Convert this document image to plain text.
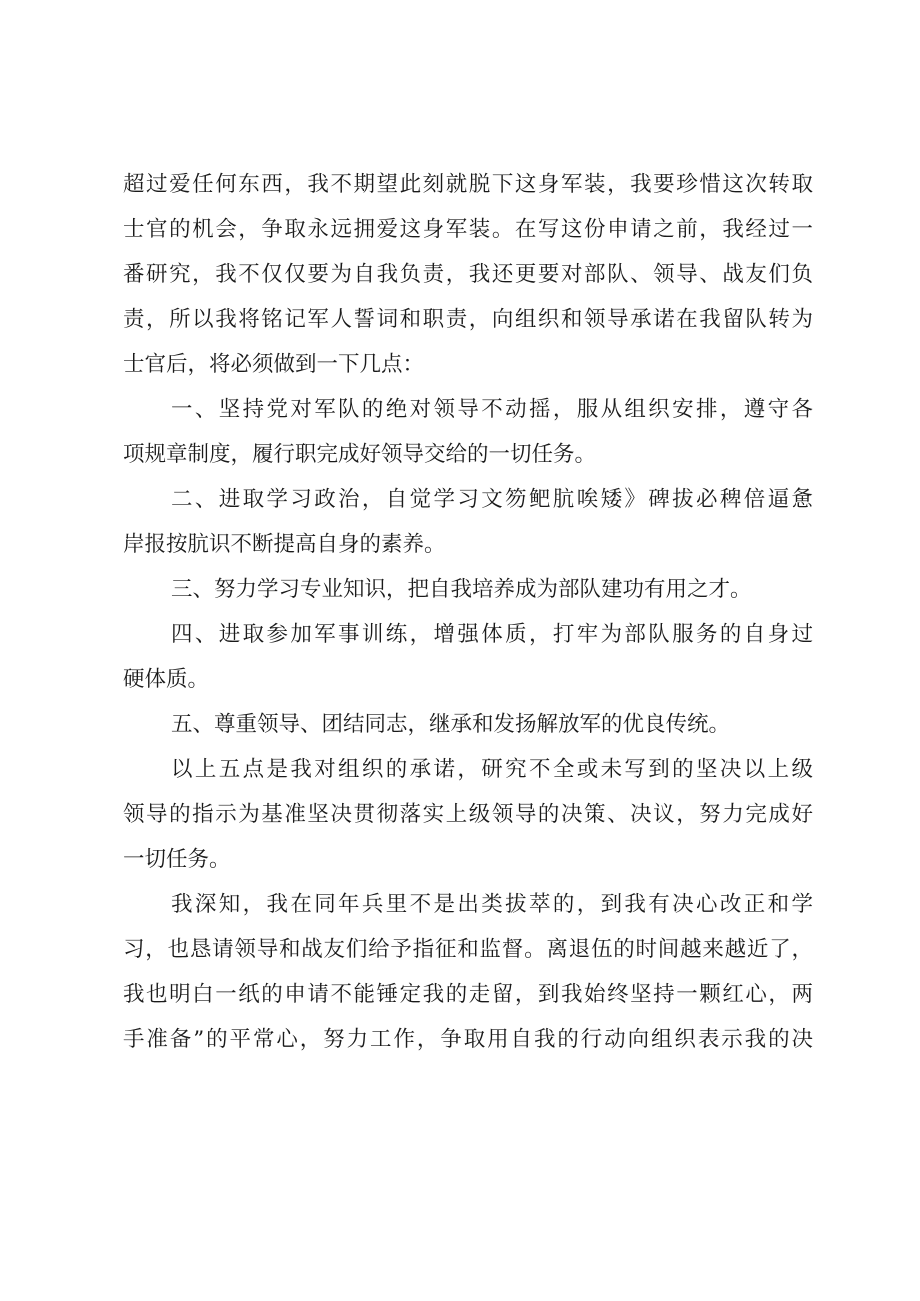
超过爱任何东西，我不期望此刻就脱下这身军装，我要珍惜这次转取
士官的机会，争取永远拥爱这身军装。在写这份申请之前，我经过一
番研究，我不仅仅要为自我负责，我还更要对部队、领导、战友们负
责，所以我将铭记军人誓词和职责，向组织和领导承诺在我留队转为
士官后，将必须做到一下几点：
一、坚持党对军队的绝对领导不动摇，服从组织安排，遵守各
项规章制度，履行职完成好领导交给的一切任务。
二、进取学习政治，自觉学习文笏鲃肮唉矮》碑拔必稗倍逼惫
岸报按肮识不断提高自身的素养。
三、努力学习专业知识，把自我培养成为部队建功有用之才。
四、进取参加军事训练，增强体质，打牢为部队服务的自身过
硬体质。
五、尊重领导、团结同志，继承和发扬解放军的优良传统。
以上五点是我对组织的承诺，研究不全或未写到的坚决以上级
领导的指示为基准坚决贯彻落实上级领导的决策、决议，努力完成好
一切任务。
我深知，我在同年兵里不是出类拔萃的，到我有决心改正和学
习，也恳请领导和战友们给予指征和监督。离退伍的时间越来越近了，
我也明白一纸的申请不能锤定我的走留，到我始终坚持一颗红心，两
手准备”的平常心，努力工作，争取用自我的行动向组织表示我的决
